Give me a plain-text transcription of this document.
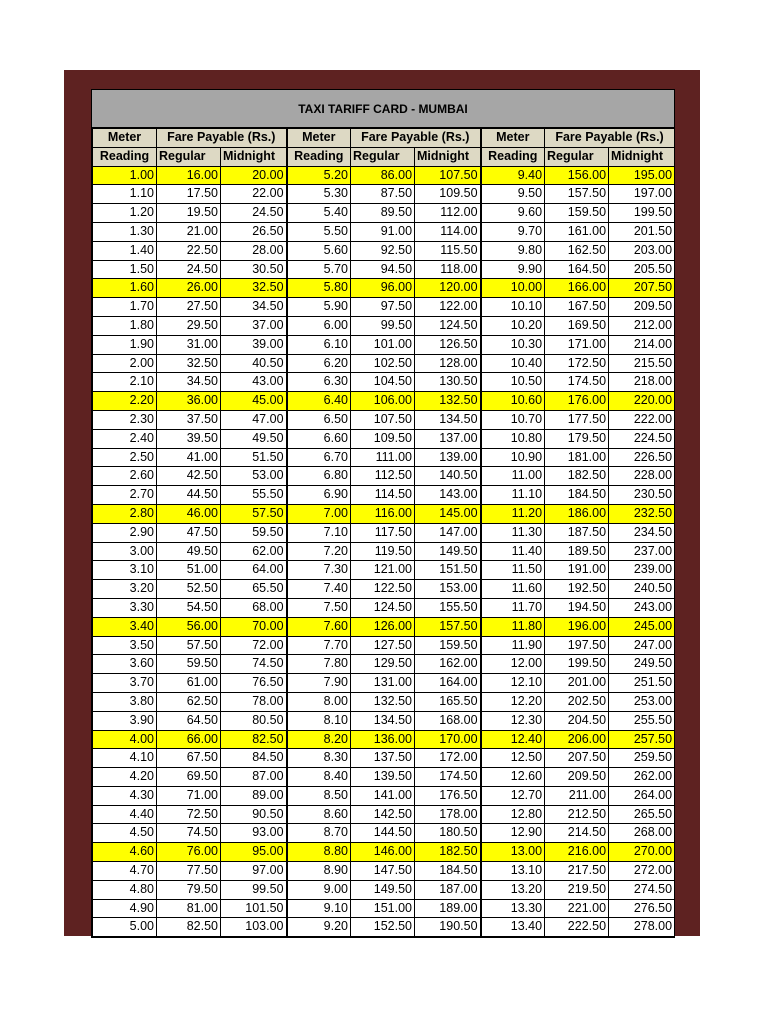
TAXI TARIFF CARD - MUMBAI
Meter	Fare Payable (Rs.)		Meter	Fare Payable (Rs.)		Meter	Fare Payable (Rs.)	
Reading	Regular	Midnight	Reading	Regular	Midnight	Reading	Regular	Midnight
1.00	16.00	20.00	5.20	86.00	107.50	9.40	156.00	195.00
1.10	17.50	22.00	5.30	87.50	109.50	9.50	157.50	197.00
1.20	19.50	24.50	5.40	89.50	112.00	9.60	159.50	199.50
1.30	21.00	26.50	5.50	91.00	114.00	9.70	161.00	201.50
1.40	22.50	28.00	5.60	92.50	115.50	9.80	162.50	203.00
1.50	24.50	30.50	5.70	94.50	118.00	9.90	164.50	205.50
1.60	26.00	32.50	5.80	96.00	120.00	10.00	166.00	207.50
1.70	27.50	34.50	5.90	97.50	122.00	10.10	167.50	209.50
1.80	29.50	37.00	6.00	99.50	124.50	10.20	169.50	212.00
1.90	31.00	39.00	6.10	101.00	126.50	10.30	171.00	214.00
2.00	32.50	40.50	6.20	102.50	128.00	10.40	172.50	215.50
2.10	34.50	43.00	6.30	104.50	130.50	10.50	174.50	218.00
2.20	36.00	45.00	6.40	106.00	132.50	10.60	176.00	220.00
2.30	37.50	47.00	6.50	107.50	134.50	10.70	177.50	222.00
2.40	39.50	49.50	6.60	109.50	137.00	10.80	179.50	224.50
2.50	41.00	51.50	6.70	111.00	139.00	10.90	181.00	226.50
2.60	42.50	53.00	6.80	112.50	140.50	11.00	182.50	228.00
2.70	44.50	55.50	6.90	114.50	143.00	11.10	184.50	230.50
2.80	46.00	57.50	7.00	116.00	145.00	11.20	186.00	232.50
2.90	47.50	59.50	7.10	117.50	147.00	11.30	187.50	234.50
3.00	49.50	62.00	7.20	119.50	149.50	11.40	189.50	237.00
3.10	51.00	64.00	7.30	121.00	151.50	11.50	191.00	239.00
3.20	52.50	65.50	7.40	122.50	153.00	11.60	192.50	240.50
3.30	54.50	68.00	7.50	124.50	155.50	11.70	194.50	243.00
3.40	56.00	70.00	7.60	126.00	157.50	11.80	196.00	245.00
3.50	57.50	72.00	7.70	127.50	159.50	11.90	197.50	247.00
3.60	59.50	74.50	7.80	129.50	162.00	12.00	199.50	249.50
3.70	61.00	76.50	7.90	131.00	164.00	12.10	201.00	251.50
3.80	62.50	78.00	8.00	132.50	165.50	12.20	202.50	253.00
3.90	64.50	80.50	8.10	134.50	168.00	12.30	204.50	255.50
4.00	66.00	82.50	8.20	136.00	170.00	12.40	206.00	257.50
4.10	67.50	84.50	8.30	137.50	172.00	12.50	207.50	259.50
4.20	69.50	87.00	8.40	139.50	174.50	12.60	209.50	262.00
4.30	71.00	89.00	8.50	141.00	176.50	12.70	211.00	264.00
4.40	72.50	90.50	8.60	142.50	178.00	12.80	212.50	265.50
4.50	74.50	93.00	8.70	144.50	180.50	12.90	214.50	268.00
4.60	76.00	95.00	8.80	146.00	182.50	13.00	216.00	270.00
4.70	77.50	97.00	8.90	147.50	184.50	13.10	217.50	272.00
4.80	79.50	99.50	9.00	149.50	187.00	13.20	219.50	274.50
4.90	81.00	101.50	9.10	151.00	189.00	13.30	221.00	276.50
5.00	82.50	103.00	9.20	152.50	190.50	13.40	222.50	278.00
